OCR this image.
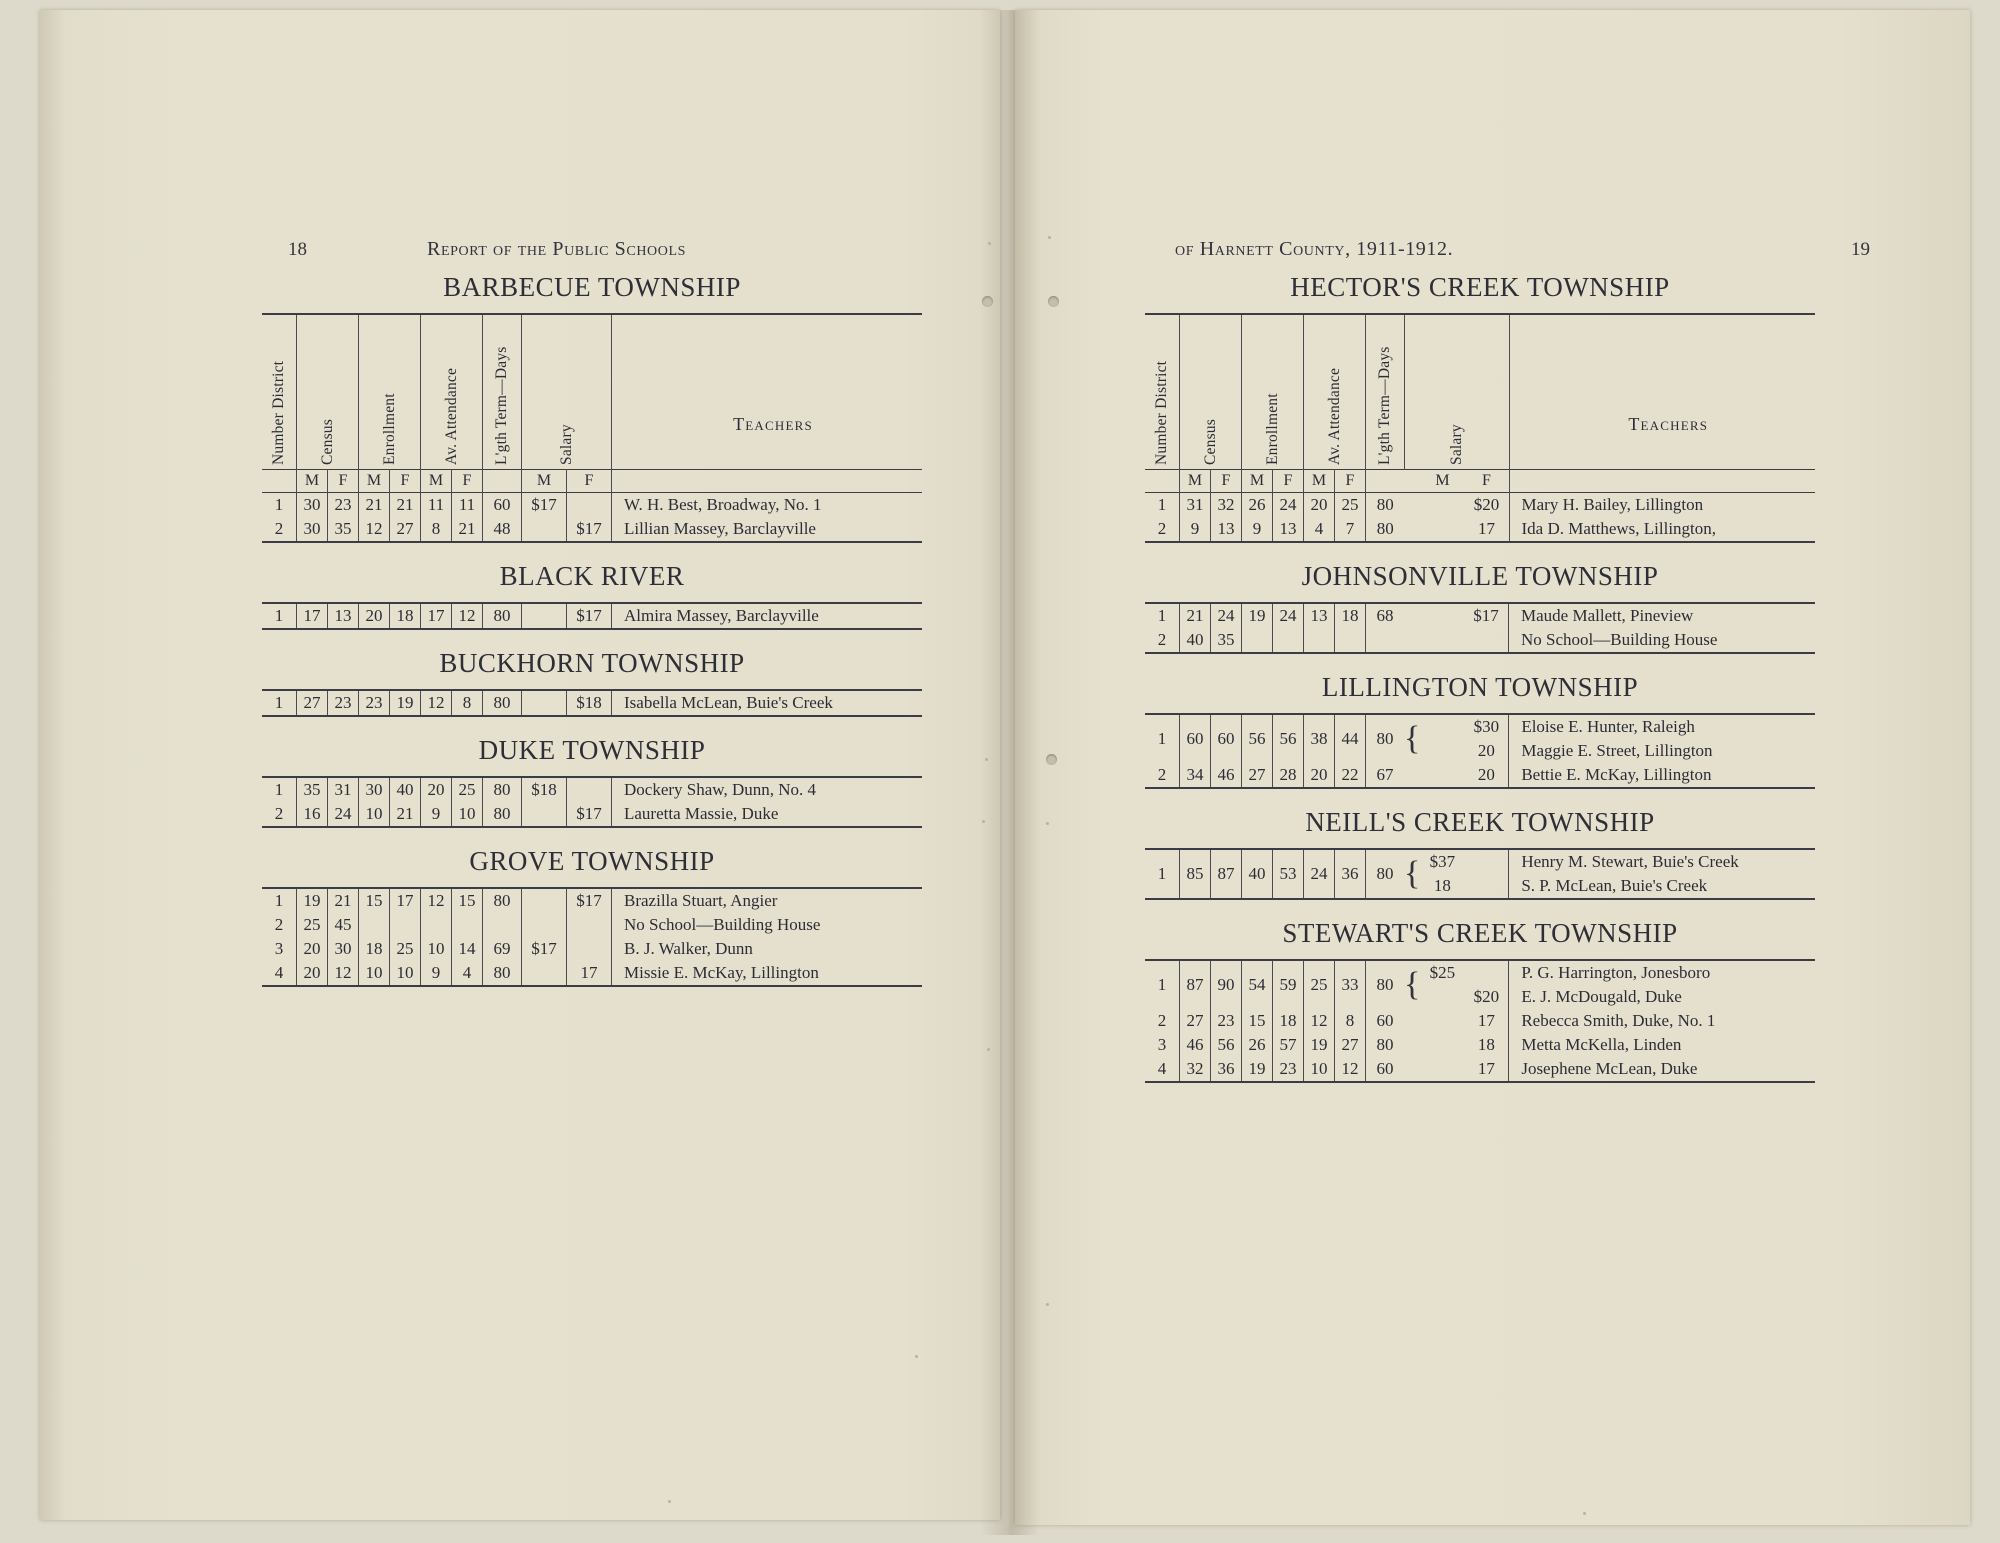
18	Report of the Public Schools
BARBECUE TOWNSHIP
Number District	Census		Enrollment		Av. Attendance		L'gth Term—Days	Salary		Teachers

	M	F	M	F	M	F		M	F	
1	30	23	21	21	11	11	60	$17		W. H. Best, Broadway, No. 1
2	30	35	12	27	8	21	48		$17	Lillian Massey, Barclayville
BLACK RIVER
1	17	13	20	18	17	12	80		$17	Almira Massey, Barclayville
BUCKHORN TOWNSHIP
1	27	23	23	19	12	8	80		$18	Isabella McLean, Buie's Creek
DUKE TOWNSHIP
1	35	31	30	40	20	25	80	$18		Dockery Shaw, Dunn, No. 4
2	16	24	10	21	9	10	80		$17	Lauretta Massie, Duke
GROVE TOWNSHIP
1	19	21	15	17	12	15	80		$17	Brazilla Stuart, Angier
2	25	45								No School—Building House
3	20	30	18	25	10	14	69	$17		B. J. Walker, Dunn
4	20	12	10	10	9	4	80		17	Missie E. McKay, Lillington
of Harnett County, 1911-1912.	19
HECTOR'S CREEK TOWNSHIP
Number District	Census		Enrollment		Av. Attendance		L'gth Term—Days	Salary			Teachers

	M	F	M	F	M	F			M	F	
1	31	32	26	24	20	25	80			$20	Mary H. Bailey, Lillington
2	9	13	9	13	4	7	80			17	Ida D. Matthews, Lillington,
JOHNSONVILLE TOWNSHIP
1	21	24	19	24	13	18	68			$17	Maude Mallett, Pineview
2	40	35									No School—Building House
LILLINGTON TOWNSHIP
1	60	60	56	56	38	44	80	{		$30	Eloise E. Hunter, Raleigh
										20	Maggie E. Street, Lillington
2	34	46	27	28	20	22	67			20	Bettie E. McKay, Lillington
NEILL'S CREEK TOWNSHIP
1	85	87	40	53	24	36	80	{	$37		Henry M. Stewart, Buie's Creek
									18		S. P. McLean, Buie's Creek
STEWART'S CREEK TOWNSHIP
1	87	90	54	59	25	33	80	{	$25		P. G. Harrington, Jonesboro
										$20	E. J. McDougald, Duke
2	27	23	15	18	12	8	60			17	Rebecca Smith, Duke, No. 1
3	46	56	26	57	19	27	80			18	Metta McKella, Linden
4	32	36	19	23	10	12	60			17	Josephene McLean, Duke
